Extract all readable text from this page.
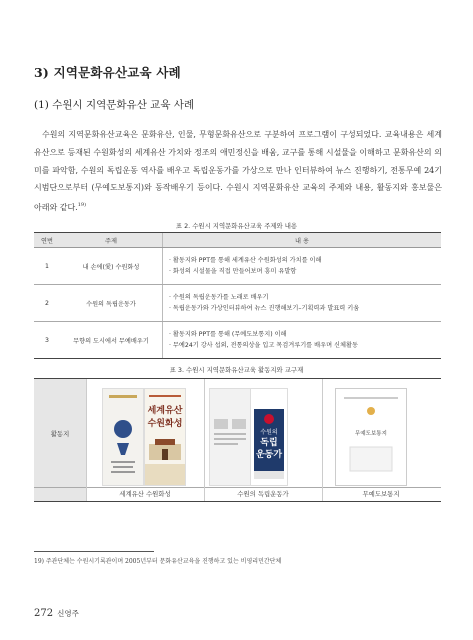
3) 지역문화유산교육 사례
(1) 수원시 지역문화유산 교육 사례
수원의 지역문화유산교육은 문화유산, 인물, 무형문화유산으로 구분하여 프로그램이 구성되었다. 교육내용은 세계유산으로 등재된 수원화성의 세계유산 가치와 정조의 애민정신을 배움, 교구를 통해 시설물을 이해하고 문화유산의 의미를 파악함, 수원의 독립운동 역사를 배우고 독립운동가를 가상으로 만나 인터뷰하여 뉴스 진행하기, 전통무예 24기 시범단으로부터 (무예도보통지)와 동작배우기 등이다. 수원시 지역문화유산 교육의 주제와 내용, 활동지와 홍보물은 아래와 같다.$^{19)}$
표 2. 수원시 지역문화유산교육 주제와 내용
연번	주제	내 용
1	내 손에(愛) 수원화성	· 활동지와 PPT를 통해 세계유산 수원화성의 가치를 이해
· 화성의 시설물을 직접 만들어보며 흥미 유발함

2	수원의 독립운동가	· 수원의 독립운동가를 노래로 배우기
· 독립운동가와 가상인터뷰하여 뉴스 진행해보기–기획력과 발표력 키움

3	무향의 도시에서 무예배우기	· 활동지와 PPT를 통해 (무예도보통지) 이해
· 무예24기 강사 섭외, 전통의상을 입고 목검겨루기를 배우며 신체활동
표 3. 수원시 지역문화유산교육 활동지와 교구재
활동지
세계유산
수원화성
수원의
독립
운동가
무예도보통지
세계유산 수원화성	수원의 독립운동가	무예도보통지
19) 주관단체는 수원시기록관이며 2005년부터 문화유산교육을 진행하고 있는 비영리민간단체
272 신영주
